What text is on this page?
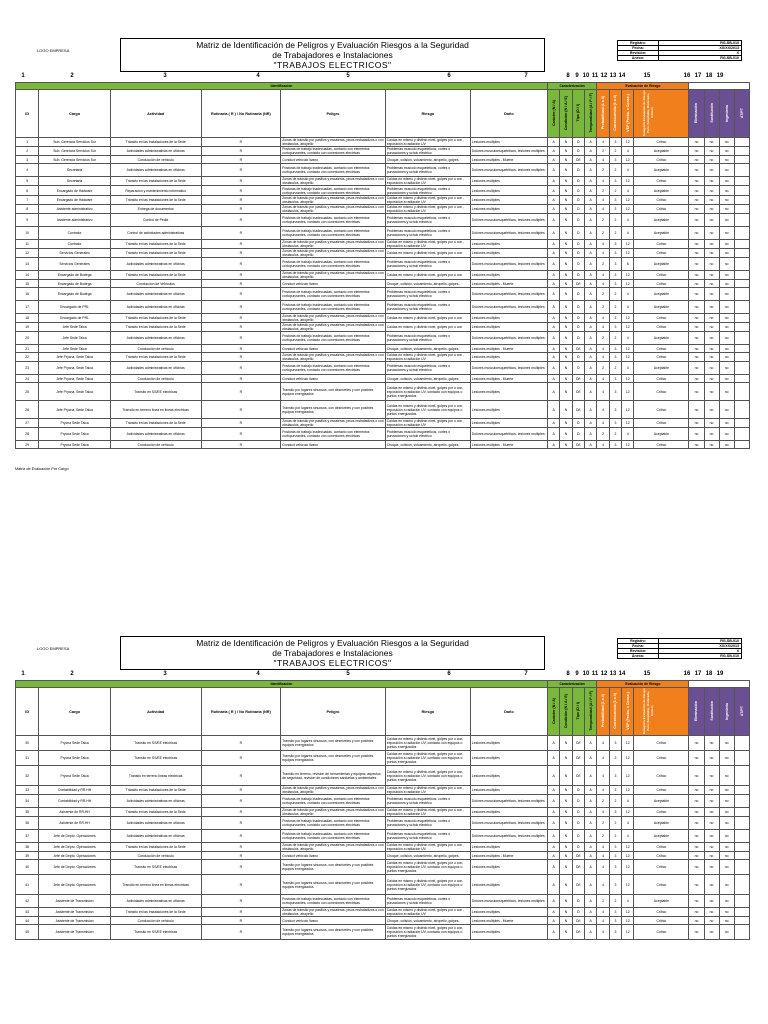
LOGO EMPRESA
Matriz de Identificación de Peligros y Evaluación Riesgos a la Seguridad
de Trabajadores e Instalaciones
"TRABAJOS ELECTRICOS"
Registro:	RG-SB-010
Fecha:	XX/XX/2013
Revisión:	X
Anexo:	RG-SB-010
1	2	3	4	5	6	7	8 9 10 11 12 13 14	15	16 17 18 19
Identificación							Caracterización				Evaluación de Riesgo							
ID	Cargo	Actividad	Rutinaria ( R ) / No Rutinaria (NR)	Peligro	Riesgo	Daño	Carácter (N / A)	Condición (N / A / E)	Tipo (D / I)	Temporalidad (A / P / F)	Probabilidad (1 a 4)	Consecuencia (1 a 4)	VEP (Proba. x Conse.)	Categoría Evaluación de Riesgo Puro (Aceptable, Moderado, Crítico)	Eliminación	Sustitución	Ingeniería	AT/PT
1	Sub. Gerencia Servicios Sur	Tránsito en las instalaciones de la Sede	R	Zonas de tránsito por pasillos y escaleras, pisos resbaladizos o con obstáculos, atropello	Caídas en mismo y distinto nivel, golpes por o con , exposición a radiación UV	Lesiones multiples	A	N	D	A	4	3	12	Crítico	no	no	no	
2	Sub. Gerencia Servicios Sur	Actividades administrativas en oficinas	R	Posturas de trabajo inadecuadas, contacto con elementos cortopunzantes, contacto con conexiones electricas	Problemas musculo esqueleticos, cortes o punzaciones y schok electrico	Dolores musculoesqueléticos, lesiones multiples	A	N	D	A	2	2	4	Aceptable	no	no	no	
3	Sub. Gerencia Servicios Sur	Conducción de vehículo	R	Conduct vehiculo livano	Choque, colisión, volcamiento, atropello, golpes,	Lesiones multiples - Muerte	A	N	D/I	A	4	3	12	Crítico	no	no	no	
4	Secretaria	Actividades administrativas en oficinas	R	Posturas de trabajo inadecuadas, contacto con elementos cortopunzantes, contacto con conexiones electricas	Problemas musculo esqueleticos, cortes o punzaciones y schok electrico	Dolores musculoesqueléticos, lesiones multiples	A	N	D	A	2	2	4	Aceptable	no	no	no	
5	Secretaria	Tránsito en las instalaciones de la Sede	R	Zonas de tránsito por pasillos y escaleras, pisos resbaladizos o con obstáculos, atropello	Caídas en mismo y distinto nivel, golpes por o con , exposición a radiación UV	Lesiones multiples	A	N	D	A	4	3	12	Crítico	no	no	no	
6	Encargado de Hadware	Reparacion y mantenimiento informatico	R	Posturas de trabajo inadecuadas, contacto con elementos cortopunzantes, contacto con conexiones electricas	Problemas musculo esqueleticos, cortes o punzaciones y schok electrico	Lesiones multiples	A	N	D	A	2	2	4	Aceptable	no	no	no	
7	Encargado de Hadware	Tránsito en las instalaciones de la Sede	R	Zonas de tránsito por pasillos y escaleras, pisos resbaladizos o con obstáculos, atropello	Caídas en mismo y distinto nivel, golpes por o con , exposición a radiación UV	Lesiones multiples	A	N	D	A	4	3	12	Crítico	no	no	no	
8	Asistente administrativo	Entrega de documentos	R	Zonas de tránsito por pasillos y escaleras, pisos resbaladizos o con obstáculos, atropello	Caídas en mismo y distinto nivel, golpes por o con , exposición a radiación UV	Lesiones multiples	A	N	D	A	4	3	12	Crítico	no	no	no	
9	Asistente administrativo	Control de Pedid	R	Posturas de trabajo inadecuadas, contacto con elementos cortopunzantes, contacto con conexiones electricas	Problemas musculo esqueleticos, cortes o punzaciones y schok electrico	Dolores musculoesqueléticos, lesiones multiples	A	N	D	A	2	2	4	Aceptable	no	no	no	
10	Contralor	Control de actividades administrativas	R	Posturas de trabajo inadecuadas, contacto con elementos cortopunzantes, contacto con conexiones electricas	Problemas musculo esqueleticos, cortes o punzaciones y schok electrico	Dolores musculoesqueléticos, lesiones multiples	A	N	D	A	2	2	4	Aceptable	no	no	no	
11	Contralor	Tránsito en las instalaciones de la Sede	R	Zonas de tránsito por pasillos y escaleras, pisos resbaladizos o con obstáculos, atropello	Caídas en mismo y distinto nivel, golpes por o con , exposición a radiación UV	Lesiones multiples	A	N	D	A	4	3	12	Crítico	no	no	no	
12	Servicios Generales	Tránsito en las instalaciones de la Sede	R	Zonas de tránsito por pasillos y escaleras, pisos resbaladizos o con obstáculos, atropello	Caídas en mismo y distinto nivel, golpes por o con	Lesiones multiples	A	N	D	A	4	3	12	Crítico	no	no	no	
13	Servicios Generales	Actividades administrativas en oficinas	R	Posturas de trabajo inadecuadas, contacto con elementos cortopunzantes, contacto con conexiones electricas	Problemas musculo esqueleticos, cortes o punzaciones y schok electrico	Dolores musculoesqueléticos, lesiones multiples	A	N	D	A	2	3	6	Aceptable	no	no	no	
14	Encargado de Bodega	Tránsito en las instalaciones de la Sede	R	Zonas de tránsito por pasillos y escaleras, pisos resbaladizos o con obstáculos, atropello	Caídas en mismo y distinto nivel, golpes por o con	Lesiones multiples	A	N	D	A	4	3	12	Crítico	no	no	no	
15	Encargado de Bodega	Conducción de Vehículos	R	Conduct vehiculo livano	Choque, colisión, volcamiento, atropello, golpes,	Lesiones multiples - Muerte	A	N	D/I	A	4	3	12	Crítico	no	no	no	
16	Encargado de Bodega	Actividades administrativas en oficinas	R	Posturas de trabajo inadecuadas, contacto con elementos cortopunzantes, contacto con conexiones electricas	Problemas musculo esqueleticos, cortes o punzaciones y schok electrico	Dolores musculoesqueléticos, lesiones multiples	A	N	D	A	2	2	4	Aceptable	no	no	no	
17	Encargado de PRL	Actividades administrativas en oficinas	R	Posturas de trabajo inadecuadas, contacto con elementos cortopunzantes, contacto con conexiones electricas	Problemas musculo esqueleticos, cortes o punzaciones y schok electrico	Dolores musculoesqueléticos, lesiones multiples	A	N	D	A	2	2	4	Aceptable	no	no	no	
18	Encargado de PRL	Tránsito en las instalaciones de la Sede	R	Zonas de tránsito por pasillos y escaleras, pisos resbaladizos o con obstáculos, atropello	Caídas en mismo y distinto nivel, golpes por o con	Lesiones multiples	A	N	D	A	4	3	12	Crítico	no	no	no	
19	Jefe Sede Talca	Tránsito en las instalaciones de la Sede	R	Zonas de tránsito por pasillos y escaleras, pisos resbaladizos o con obstáculos, atropello	Caídas en mismo y distinto nivel, golpes por o con	Lesiones multiples	A	N	D	A	4	3	12	Crítico	no	no	no	
20	Jefe Sede Talca	Actividades administrativas en oficinas	R	Posturas de trabajo inadecuadas, contacto con elementos cortopunzantes, contacto con conexiones electricas	Problemas musculo esqueleticos, cortes o punzaciones y schok electrico	Dolores musculoesqueléticos, lesiones multiples	A	N	D	A	2	2	4	Aceptable	no	no	no	
21	Jefe Sede Talca	Conducción de vehículo	R	Conduct vehiculo livano	Choque, colisión, volcamiento, atropello, golpes,	Lesiones multiples - Muerte	A	N	D/I	A	4	3	12	Crítico	no	no	no	
22	Jefe Prycna, Sede Talca	Tránsito en las instalaciones de la Sede	R	Zonas de tránsito por pasillos y escaleras, pisos resbaladizos o con obstáculos, atropello	Caídas en mismo y distinto nivel, golpes por o con , exposición a radiación UV	Lesiones multiples	A	N	D	A	4	3	12	Crítico	no	no	no	
23	Jefe Prycna, Sede Talca	Actividades administrativas en oficinas	R	Posturas de trabajo inadecuadas, contacto con elementos cortopunzantes, contacto con conexiones electricas	Problemas musculo esqueleticos, cortes o punzaciones y schok electrico	Dolores musculoesqueléticos, lesiones multiples	A	N	D	A	2	2	4	Aceptable	no	no	no	
24	Jefe Prycna, Sede Talca	Conducción de vehículo	R	Conduct vehiculo livano	Choque, colisión, volcamiento, atropello, golpes,	Lesiones multiples - Muerte	A	N	D/I	A	4	3	12	Crítico	no	no	no	
25	Jefe Prycna, Sede Talca	Transito en SS/EE electricas	R	Transito por lugares sinuosos, con desniveles y con posibles equipos energizados	Caídas en mismo y distinto nivel, golpes por o con, exposición a radiación UV, contacto con equipos o puntos energizados	Lesiones multiples	A	N	D/I	A	4	3	12	Crítico	no	no	no	
26	Jefe Prycna, Sede Talca	Transito en terreno linea en lineas electricas	R	Transito por lugares sinuosos, con desniveles y con posibles equipos energizados	Caídas en mismo y distinto nivel, golpes por o con, exposición a radiación UV, contacto con equipos o puntos energizados	Lesiones multiples	A	N	D/I	A	4	3	12	Crítico	no	no	no	
27	Prycna Sede Talca	Tránsito en las instalaciones de la Sede	R	Zonas de tránsito por pasillos y escaleras, pisos resbaladizos o con obstáculos, atropello	Caídas en mismo y distinto nivel, golpes por o con , exposición a radiación UV	Lesiones multiples	A	N	D	A	4	3	12	Crítico	no	no	no	
28	Prycna Sede Talca	Actividades administrativas en oficinas	R	Posturas de trabajo inadecuadas, contacto con elementos cortopunzantes, contacto con conexiones electricas	Problemas musculo esqueleticos, cortes o punzaciones y schok electrico	Dolores musculoesqueléticos, lesiones multiples	A	N	D	A	2	2	4	Aceptable	no	no	no	
29	Prycna Sede Talca	Conducción de vehículo	R	Conduct vehiculo livano	Choque, colisión, volcamiento, atropello, golpes,	Lesiones multiples - Muerte	A	N	D/I	A	4	3	12	Crítico	no	no	no	
Matriz de Evaluación Por Cargo
LOGO EMPRESA
Matriz de Identificación de Peligros y Evaluación Riesgos a la Seguridad
de Trabajadores e Instalaciones
"TRABAJOS ELECTRICOS"
Registro:	RG-SB-010
Fecha:	XX/XX/2013
Revisión:	X
Anexo:	RG-SB-010
1	2	3	4	5	6	7	8 9 10 11 12 13 14	15	16 17 18 19
Identificación							Caracterización				Evaluación de Riesgo							
ID	Cargo	Actividad	Rutinaria ( R ) / No Rutinaria (NR)	Peligro	Riesgo	Daño	Carácter (N / A)	Condición (N / A / E)	Tipo (D / I)	Temporalidad (A / P / F)	Probabilidad (1 a 4)	Consecuencia (1 a 4)	VEP (Proba. x Conse.)	Categoría Evaluación de Riesgo Puro (Aceptable, Moderado, Crítico)	Eliminación	Sustitución	Ingeniería	AT/PT
30	Prycna Sede Talca	Transito en SS/EE electricas	R	Transito por lugares sinuosos, con desniveles y con posibles equipos energizados	Caídas en mismo y distinto nivel, golpes por o con, exposición a radiación UV, contacto con equipos o puntos energizados	Lesiones multiples	A	N	D/I	A	4	3	12	Crítico	no	no	no	
31	Prycna Sede Talca	Transito en SS/EE electricas	R	Transito por lugares sinuosos, con desniveles y con posibles equipos energizados	Caídas en mismo y distinto nivel, golpes por o con, exposición a radiación UV, contacto con equipos o puntos energizados	Lesiones multiples	A	N	D/I	A	4	3	12	Crítico	no	no	no	
32	Prycna Sede Talca	Transito en terreno lineas electricas	R	Transito en terreno, revision de herramientas y equipos, aspectos de seguridad, revision de condiciones sanitarias y ambientales	Caídas en mismo y distinto nivel, golpes por o con, exposición a radiación UV, contacto con equipos o puntos energizados	Lesiones multiples	A	N	D/I	A	4	3	12	Crítico	no	no	no	
33	Contabilidad y RR.HH	Tránsito en las instalaciones de la Sede	R	Zonas de tránsito por pasillos y escaleras, pisos resbaladizos o con obstáculos, atropello	Caídas en mismo y distinto nivel, golpes por o con , exposición a radiación UV	Lesiones multiples	A	N	D	A	4	3	12	Crítico	no	no	no	
34	Contabilidad y RR.HH	Actividades administrativas en oficinas	R	Posturas de trabajo inadecuadas, contacto con elementos cortopunzantes, contacto con conexiones electricas	Problemas musculo esqueleticos, cortes o punzaciones y schok electrico	Dolores musculoesqueléticos, lesiones multiples	A	N	D	A	2	2	4	Aceptable	no	no	no	
35	Asistente de RR.HH	Tránsito en las instalaciones de la Sede	R	Zonas de tránsito por pasillos y escaleras, pisos resbaladizos o con obstáculos, atropello	Caídas en mismo y distinto nivel, golpes por o con , exposición a radiación UV	Lesiones multiples	A	N	D	A	4	3	12	Crítico	no	no	no	
36	Asistente de RR.HH	Actividades administrativas en oficinas	R	Posturas de trabajo inadecuadas, contacto con elementos cortopunzantes, contacto con conexiones electricas	Problemas musculo esqueleticos, cortes o punzaciones y schok electrico	Dolores musculoesqueléticos, lesiones multiples	A	N	D	A	2	2	4	Aceptable	no	no	no	
37	Jefe de Depto. Operaciones	Actividades administrativas en oficinas	R	Posturas de trabajo inadecuadas, contacto con elementos cortopunzantes, contacto con conexiones electricas	Problemas musculo esqueleticos, cortes o punzaciones y schok electrico	Dolores musculoesqueléticos, lesiones multiples	A	N	D	A	2	2	4	Aceptable	no	no	no	
38	Jefe de Depto. Operaciones	Tránsito en las instalaciones de la Sede	R	Zonas de tránsito por pasillos y escaleras, pisos resbaladizos o con obstáculos, atropello	Caídas en mismo y distinto nivel, golpes por o con , exposición a radiación UV	Lesiones multiples	A	N	D	A	4	3	12	Crítico	no	no	no	
39	Jefe de Depto. Operaciones	Conducción de vehículo	R	Conduct vehiculo livano	Choque, colisión, volcamiento, atropello, golpes,	Lesiones multiples - Muerte	A	N	D/I	A	4	3	12	Crítico	no	no	no	
40	Jefe de Depto. Operaciones	Transito en SS/EE electricas	R	Transito por lugares sinuosos, con desniveles y con posibles equipos energizados	Caídas en mismo y distinto nivel, golpes por o con, exposición a radiación UV, contacto con equipos o puntos energizados	Lesiones multiples	A	N	D/I	A	4	3	12	Crítico	no	no	no	
41	Jefe de Depto. Operaciones	Transito en terreno linea en lineas electricas	R	Transito por lugares sinuosos, con desniveles y con posibles equipos energizados	Caídas en mismo y distinto nivel, golpes por o con, exposición a radiación UV, contacto con equipos o puntos energizados	Lesiones multiples	A	N	D/I	A	4	3	12	Crítico	no	no	no	
42	Asistente de Transmision	Actividades administrativas en oficinas	R	Posturas de trabajo inadecuadas, contacto con elementos cortopunzantes, contacto con conexiones electricas	Problemas musculo esqueleticos, cortes o punzaciones y schok electrico	Dolores musculoesqueléticos, lesiones multiples	A	N	D	A	2	2	4	Aceptable	no	no	no	
43	Asistente de Transmision	Tránsito en las instalaciones de la Sede	R	Zonas de tránsito por pasillos y escaleras, pisos resbaladizos o con obstáculos, atropello	Caídas en mismo y distinto nivel, golpes por o con , exposición a radiación UV	Lesiones multiples	A	N	D	A	4	3	12	Crítico	no	no	no	
44	Asistente de Transmision	Conducción de vehículo	R	Conduct vehiculo livano	Choque, colisión, volcamiento, atropello, golpes,	Lesiones multiples - Muerte	A	N	D/I	A	4	3	12	Crítico	no	no	no	
45	Asistente de Transmision	Transito en SS/EE electricas	R	Transito por lugares sinuosos, con desniveles y con posibles equipos energizados	Caídas en mismo y distinto nivel, golpes por o con, exposición a radiación UV, contacto con equipos o puntos energizados	Lesiones multiples	A	N	D/I	A	4	3	12	Crítico	no	no	no	
